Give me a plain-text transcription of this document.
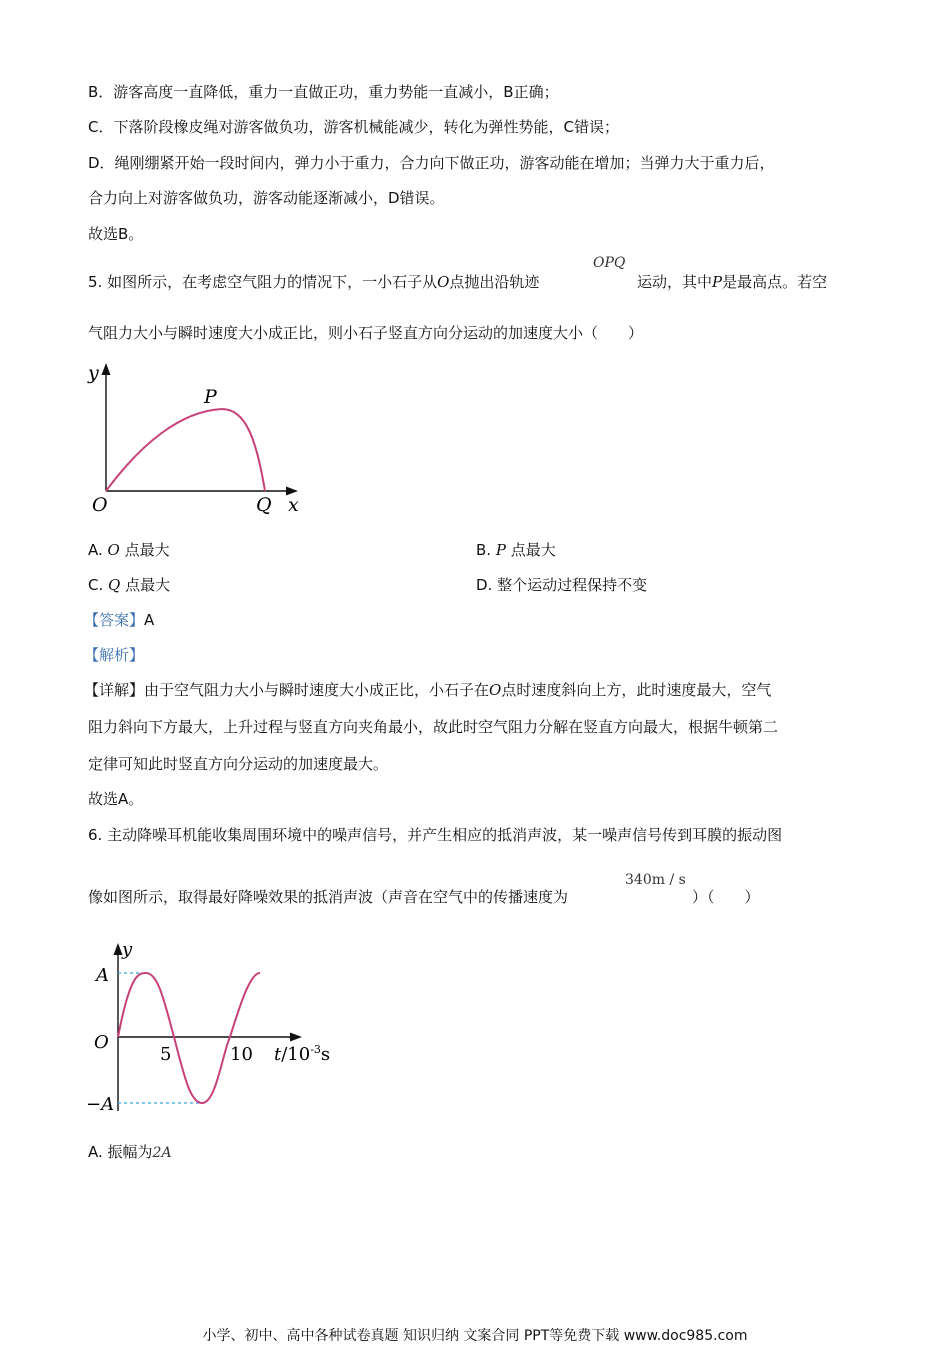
B．游客高度一直降低，重力一直做正功，重力势能一直减小，B正确；
C．下落阶段橡皮绳对游客做负功，游客机械能减少，转化为弹性势能，C错误；
D．绳刚绷紧开始一段时间内，弹力小于重力，合力向下做正功，游客动能在增加；当弹力大于重力后，
合力向上对游客做负功，游客动能逐渐减小，D错误。
故选B。
5. 如图所示，在考虑空气阻力的情况下，一小石子从O点抛出沿轨迹
OPQ
运动，其中P是最高点。若空
气阻力大小与瞬时速度大小成正比，则小石子竖直方向分运动的加速度大小（　　）
y
x
O
P
Q
A. O 点最大	B. P 点最大
C. Q 点最大	D. 整个运动过程保持不变
【答案】A
【解析】
【详解】由于空气阻力大小与瞬时速度大小成正比，小石子在O点时速度斜向上方，此时速度最大，空气
阻力斜向下方最大，上升过程与竖直方向夹角最小，故此时空气阻力分解在竖直方向最大，根据牛顿第二
定律可知此时竖直方向分运动的加速度最大。
故选A。
6. 主动降噪耳机能收集周围环境中的噪声信号，并产生相应的抵消声波，某一噪声信号传到耳膜的振动图
像如图所示，取得最好降噪效果的抵消声波（声音在空气中的传播速度为
340m / s
）（　　）
y
A
O
−A
5	10 $t/10^{-3}s$
A. 振幅为2A
小学、初中、高中各种试卷真题 知识归纳 文案合同 PPT等免费下载 www.doc985.com
